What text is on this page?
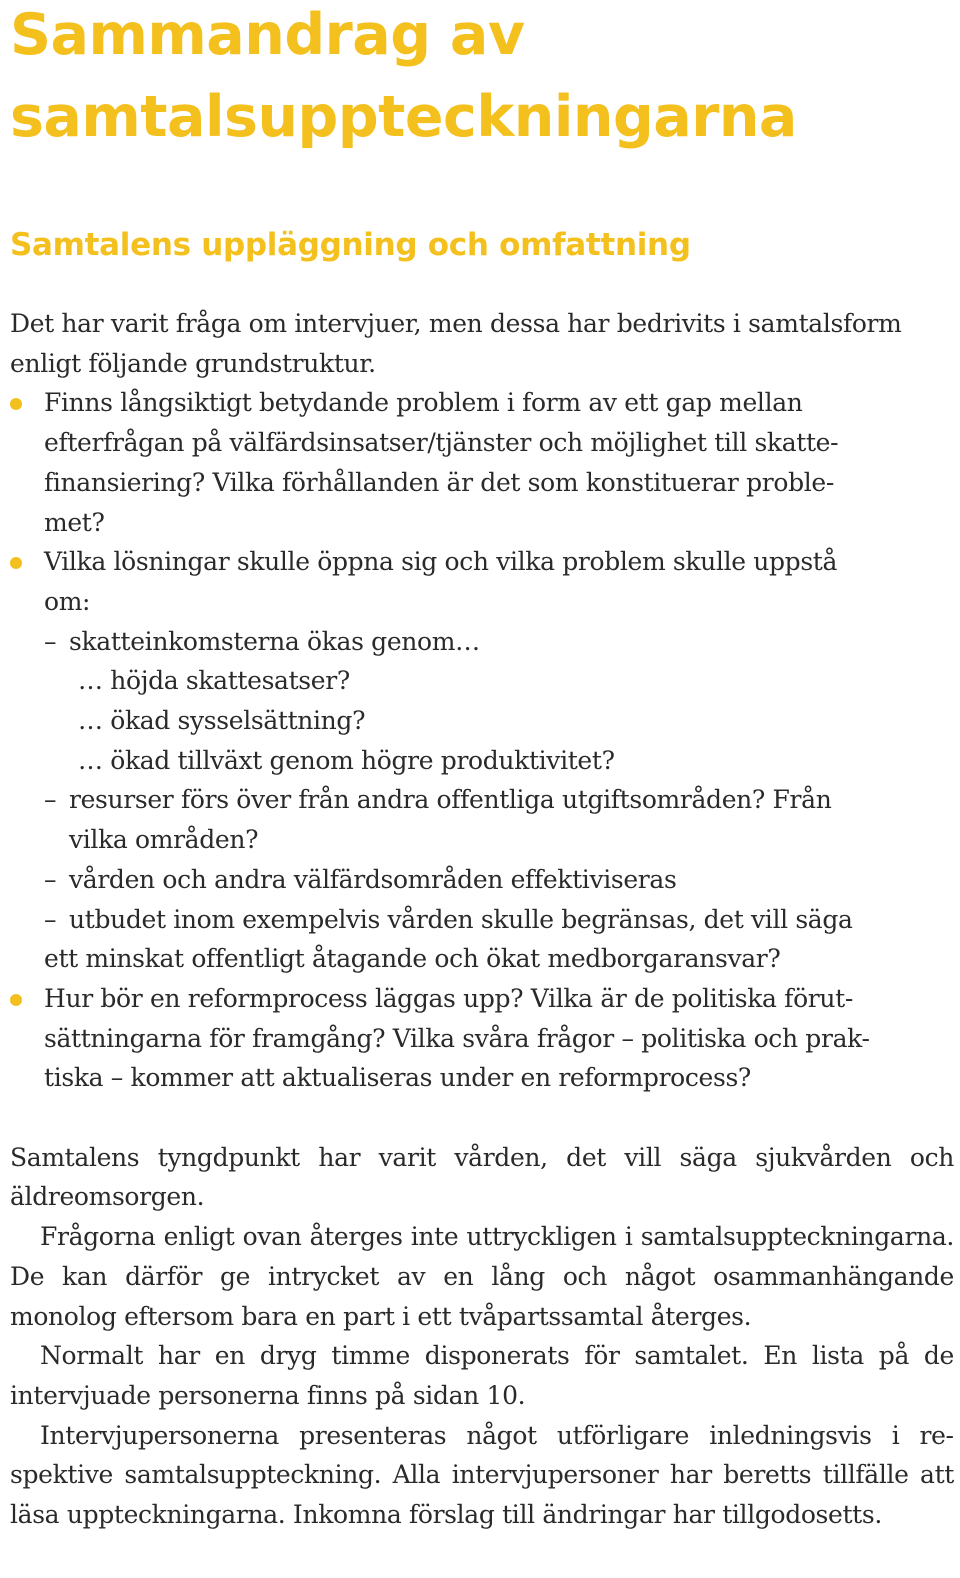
Sammandrag av
samtalsuppteckningarna
Samtalens uppläggning och omfattning

Det har varit fråga om intervjuer, men dessa har bedrivits i samtalsform
enligt följande grundstruktur.

Finns långsiktigt betydande problem i form av ett gap mellan
efterfrågan på välfärdsinsatser/tjänster och möjlighet till skatte-
finansiering? Vilka förhållanden är det som konstituerar proble-
met?
Vilka lösningar skulle öppna sig och vilka problem skulle uppstå
om:

– skatteinkomsterna ökas genom…

… höjda skattesatser?

… ökad sysselsättning?

… ökad tillväxt genom högre produktivitet?

– resurser förs över från andra offentliga utgiftsområden? Från

vilka områden?

– vården och andra välfärdsområden effektiviseras

– utbudet inom exempelvis vården skulle begränsas, det vill säga

ett minskat offentligt åtagande och ökat medborgaransvar?

Hur bör en reformprocess läggas upp? Vilka är de politiska förut-
sättningarna för framgång? Vilka svåra frågor – politiska och prak-
tiska – kommer att aktualiseras under en reformprocess?

Samtalens tyngdpunkt har varit vården, det vill säga sjukvården och äldreomsorgen.

Frågorna enligt ovan återges inte uttryckligen i samtalsuppteckningarna. De kan därför ge intrycket av en lång och något osammanhängande monolog eftersom bara en part i ett tvåpartssamtal återges.

Normalt har en dryg timme disponerats för samtalet. En lista på de intervjuade personerna finns på sidan 10.

Intervjupersonerna presenteras något utförligare inledningsvis i respektive samtalsuppteckning. Alla intervjupersoner har beretts tillfälle att läsa uppteckningarna. Inkomna förslag till ändringar har tillgodosetts.
